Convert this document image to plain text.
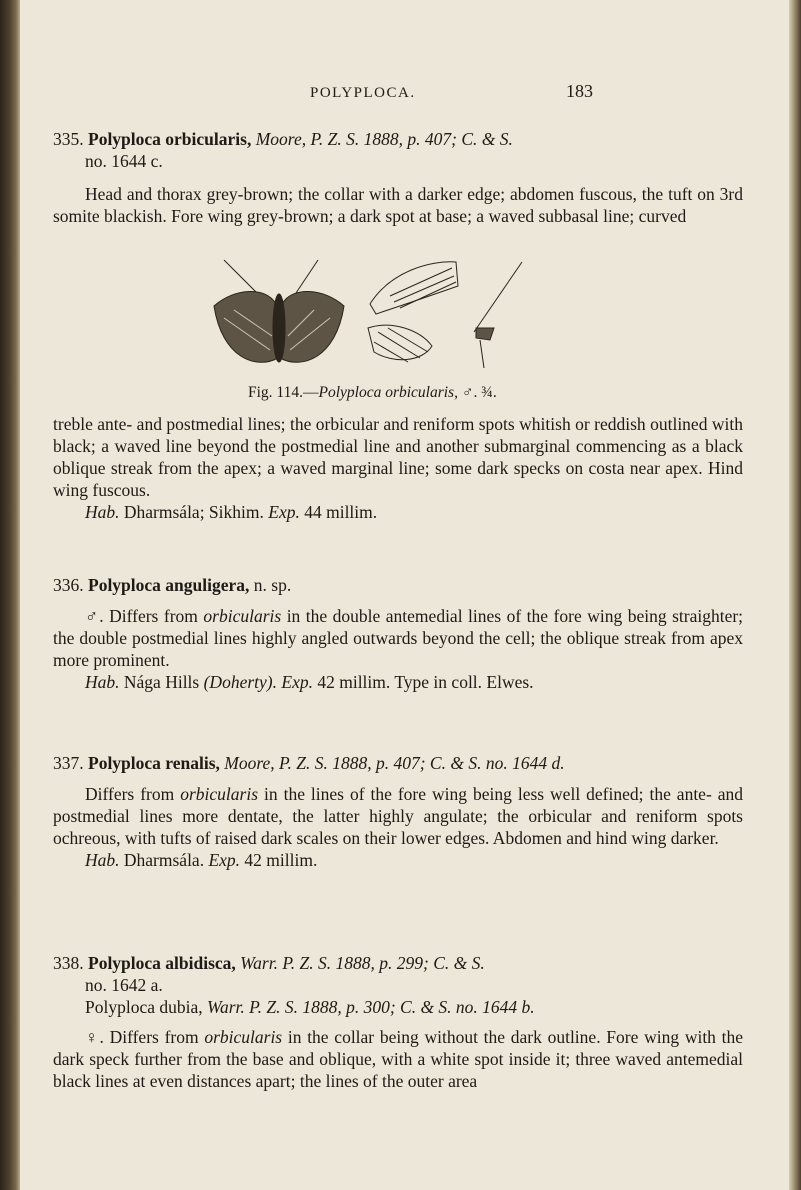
POLYPLOCA.	183

335. Polyploca orbicularis, Moore, P. Z. S. 1888, p. 407; C. & S.
no. 1644 c.

Head and thorax grey-brown; the collar with a darker edge; abdomen fuscous, the tuft on 3rd somite blackish. Fore wing grey-brown; a dark spot at base; a waved subbasal line; curved

Fig. 114.—Polyploca orbicularis, ♂. ¾.

treble ante- and postmedial lines; the orbicular and reniform spots whitish or reddish outlined with black; a waved line beyond the postmedial line and another submarginal commencing as a black oblique streak from the apex; a waved marginal line; some dark specks on costa near apex. Hind wing fuscous.

Hab. Dharmsála; Sikhim. Exp. 44 millim.

336. Polyploca anguligera, n. sp.

♂. Differs from orbicularis in the double antemedial lines of the fore wing being straighter; the double postmedial lines highly angled outwards beyond the cell; the oblique streak from apex more prominent.

Hab. Nága Hills (Doherty). Exp. 42 millim. Type in coll. Elwes.

337. Polyploca renalis, Moore, P. Z. S. 1888, p. 407; C. & S. no. 1644 d.

Differs from orbicularis in the lines of the fore wing being less well defined; the ante- and postmedial lines more dentate, the latter highly angulate; the orbicular and reniform spots ochreous, with tufts of raised dark scales on their lower edges. Abdomen and hind wing darker.

Hab. Dharmsála. Exp. 42 millim.

338. Polyploca albidisca, Warr. P. Z. S. 1888, p. 299; C. & S.
no. 1642 a.

Polyploca dubia, Warr. P. Z. S. 1888, p. 300; C. & S. no. 1644 b.

♀. Differs from orbicularis in the collar being without the dark outline. Fore wing with the dark speck further from the base and oblique, with a white spot inside it; three waved antemedial black lines at even distances apart; the lines of the outer area
